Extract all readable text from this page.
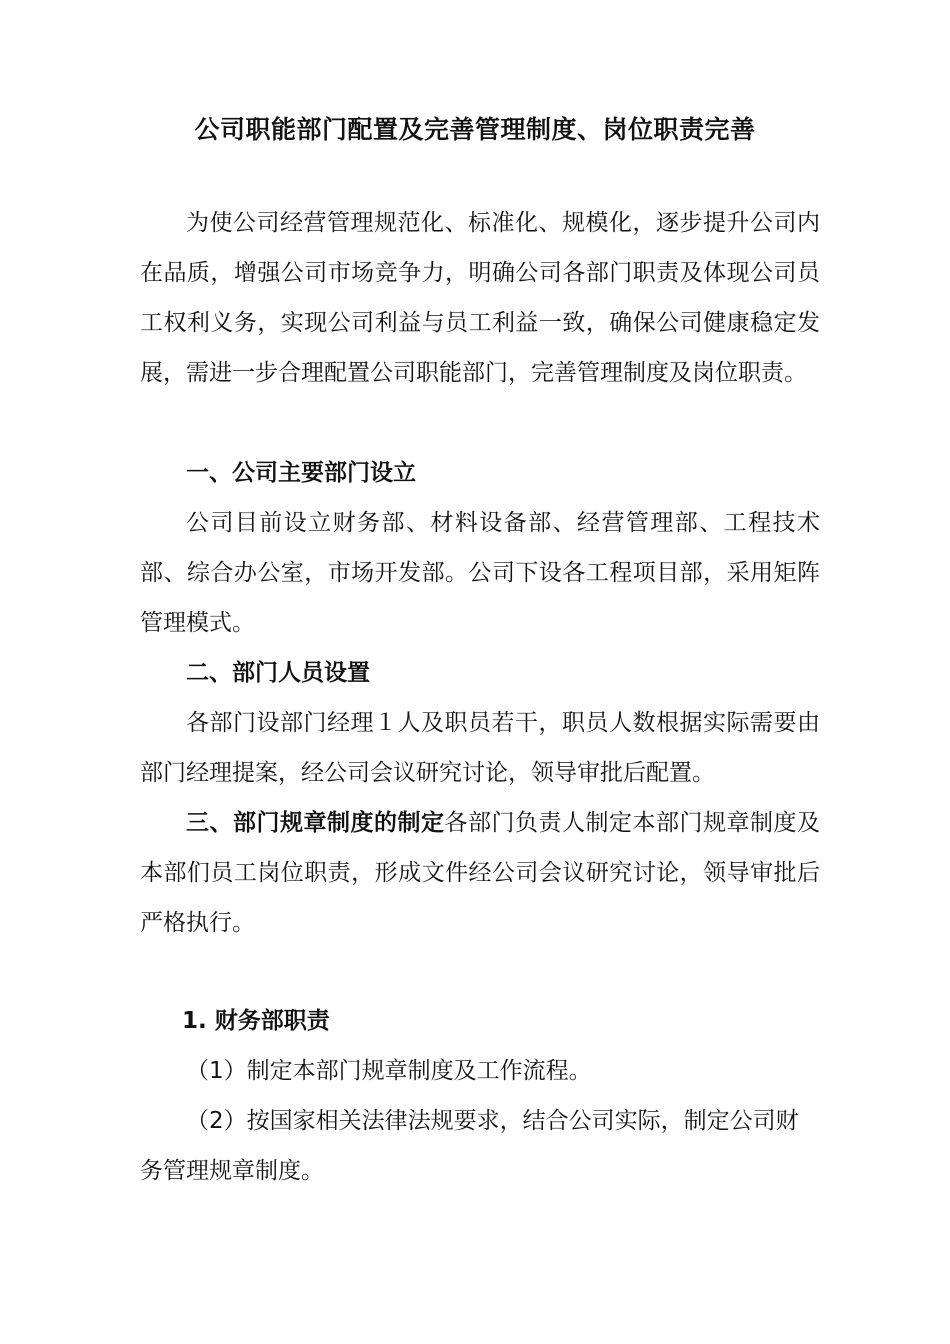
公司职能部门配置及完善管理制度、岗位职责完善
为使公司经营管理规范化、标准化、规模化，逐步提升公司内在品质，增强公司市场竞争力，明确公司各部门职责及体现公司员工权利义务，实现公司利益与员工利益一致，确保公司健康稳定发展，需进一步合理配置公司职能部门，完善管理制度及岗位职责。
一、公司主要部门设立
公司目前设立财务部、材料设备部、经营管理部、工程技术部、综合办公室，市场开发部。公司下设各工程项目部，采用矩阵管理模式。
二、部门人员设置
各部门设部门经理１人及职员若干，职员人数根据实际需要由部门经理提案，经公司会议研究讨论，领导审批后配置。
三、部门规章制度的制定各部门负责人制定本部门规章制度及本部们员工岗位职责，形成文件经公司会议研究讨论，领导审批后严格执行。
1. 财务部职责
（1）制定本部门规章制度及工作流程。
（2）按国家相关法律法规要求，结合公司实际，制定公司财务管理规章制度。
